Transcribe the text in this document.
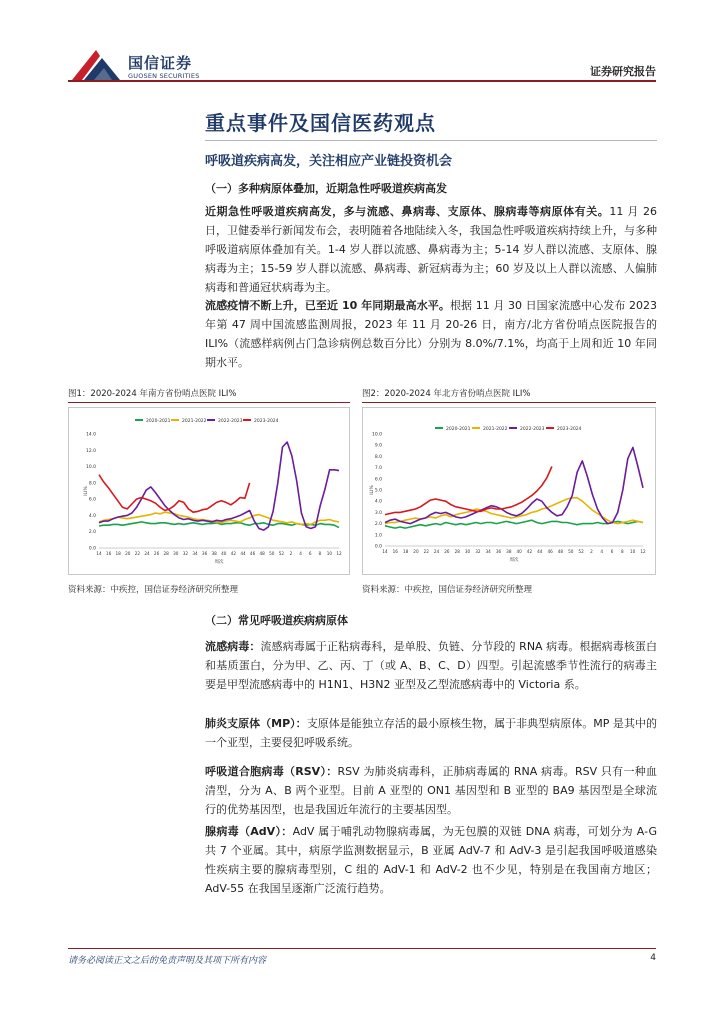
国信证券
GUOSEN SECURITIES	证券研究报告
重点事件及国信医药观点
呼吸道疾病高发，关注相应产业链投资机会
（一）多种病原体叠加，近期急性呼吸道疾病高发
近期急性呼吸道疾病高发，多与流感、鼻病毒、支原体、腺病毒等病原体有关。11 月 26 日，卫健委举行新闻发布会，表明随着各地陆续入冬，我国急性呼吸道疾病持续上升，与多种呼吸道病原体叠加有关。1-4 岁人群以流感、鼻病毒为主；5-14 岁人群以流感、支原体、腺病毒为主；15-59 岁人群以流感、鼻病毒、新冠病毒为主；60 岁及以上人群以流感、人偏肺病毒和普通冠状病毒为主。
流感疫情不断上升，已至近 10 年同期最高水平。根据 11 月 30 日国家流感中心发布 2023 年第 47 周中国流感监测周报，2023 年 11 月 20-26 日，南方/北方省份哨点医院报告的 ILI%（流感样病例占门急诊病例总数百分比）分别为 8.0%/7.1%，均高于上周和近 10 年同期水平。
图1：2020-2024 年南方省份哨点医院 ILI%
2020-2021	2021-2022	2022-2023	2023-2024
0.0
2.0
4.0
6.0
8.0
10.0
12.0
14.0
14 16 18 20 22 24 26 28 30 32 34 36 38 40 42 44 46 48 50 52 2 4 6 8 10 12
ILI%
周次
资料来源：中疾控，国信证券经济研究所整理
图2：2020-2024 年北方省份哨点医院 ILI%
2020-2021	2021-2022	2022-2023	2023-2024
0.0
1.0
2.0
3.0
4.0
5.0
6.0
7.0
8.0
9.0
10.0
14 16 18 20 22 24 26 28 30 32 34 36 38 40 42 44 46 48 50 52 2 4 6 8 10 12
ILI%
周次
资料来源：中疾控，国信证券经济研究所整理
（二）常见呼吸道疾病病原体
流感病毒：流感病毒属于正粘病毒科，是单股、负链、分节段的 RNA 病毒。根据病毒核蛋白和基质蛋白，分为甲、乙、丙、丁（或 A、B、C、D）四型。引起流感季节性流行的病毒主要是甲型流感病毒中的 H1N1、H3N2 亚型及乙型流感病毒中的 Victoria 系。
肺炎支原体（MP）：支原体是能独立存活的最小原核生物，属于非典型病原体。MP 是其中的一个亚型，主要侵犯呼吸系统。
呼吸道合胞病毒（RSV）：RSV 为肺炎病毒科，正肺病毒属的 RNA 病毒。RSV 只有一种血清型，分为 A、B 两个亚型。目前 A 亚型的 ON1 基因型和 B 亚型的 BA9 基因型是全球流行的优势基因型，也是我国近年流行的主要基因型。
腺病毒（AdV）：AdV 属于哺乳动物腺病毒属，为无包膜的双链 DNA 病毒，可划分为 A-G 共 7 个亚属。其中，病原学监测数据显示，B 亚属 AdV-7 和 AdV-3 是引起我国呼吸道感染性疾病主要的腺病毒型别，C 组的 AdV-1 和 AdV-2 也不少见，特别是在我国南方地区；AdV-55 在我国呈逐渐广泛流行趋势。
请务必阅读正文之后的免责声明及其项下所有内容	4
